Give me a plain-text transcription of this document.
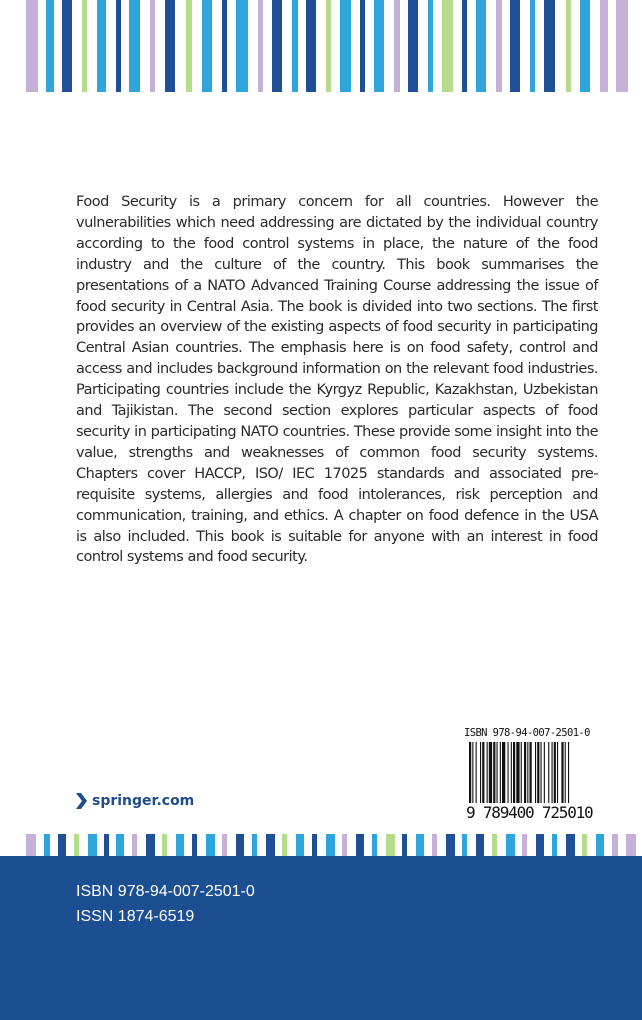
Food Security is a primary concern for all countries. However the vulnerabilities which need addressing are dictated by the individual country according to the food control systems in place, the nature of the food industry and the culture of the country. This book summarises the presentations of a NATO Advanced Training Course addressing the issue of food security in Central Asia. The book is divided into two sections. The first provides an overview of the existing aspects of food security in participating Central Asian countries. The emphasis here is on food safety, control and access and includes background information on the relevant food industries. Participating countries include the Kyrgyz Republic, Kazakhstan, Uzbekistan and Tajikistan. The second section explores particular aspects of food security in participating NATO countries. These provide some insight into the value, strengths and weaknesses of common food security systems. Chapters cover HACCP, ISO/ IEC 17025 standards and associated pre-requisite systems, allergies and food intolerances, risk perception and communication, training, and ethics. A chapter on food defence in the USA is also included. This book is suitable for anyone with an interest in food control systems and food security.

ISBN 978-94-007-2501-0
9 789400 725010
springer.com
ISBN 978-94-007-2501-0
ISSN 1874-6519
